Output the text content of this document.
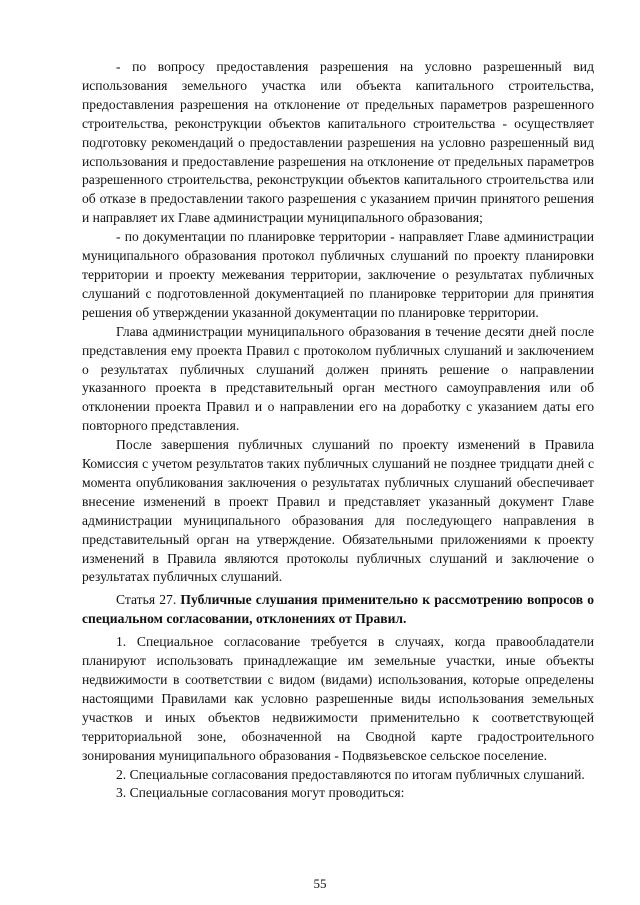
- по вопросу предоставления разрешения на условно разрешенный вид использования земельного участка или объекта капитального строительства, предоставления разрешения на отклонение от предельных параметров разрешенного строительства, реконструкции объектов капитального строительства - осуществляет подготовку рекомендаций о предоставлении разрешения на условно разрешенный вид использования и предоставление разрешения на отклонение от предельных параметров разрешенного строительства, реконструкции объектов капитального строительства или об отказе в предоставлении такого разрешения с указанием причин принятого решения и направляет их Главе администрации муниципального образования;

- по документации по планировке территории - направляет Главе администрации муниципального образования протокол публичных слушаний по проекту планировки территории и проекту межевания территории, заключение о результатах публичных слушаний с подготовленной документацией по планировке территории для принятия решения об утверждении указанной документации по планировке территории.

Глава администрации муниципального образования в течение десяти дней после представления ему проекта Правил с протоколом публичных слушаний и заключением о результатах публичных слушаний должен принять решение о направлении указанного проекта в представительный орган местного самоуправления или об отклонении проекта Правил и о направлении его на доработку с указанием даты его повторного представления.

После завершения публичных слушаний по проекту изменений в Правила Комиссия с учетом результатов таких публичных слушаний не позднее тридцати дней с момента опубликования заключения о результатах публичных слушаний обеспечивает внесение изменений в проект Правил и представляет указанный документ Главе администрации муниципального образования для последующего направления в представительный орган на утверждение. Обязательными приложениями к проекту изменений в Правила являются протоколы публичных слушаний и заключение о результатах публичных слушаний.

Статья 27. Публичные слушания применительно к рассмотрению вопросов о специальном согласовании, отклонениях от Правил.

1. Специальное согласование требуется в случаях, когда правообладатели планируют использовать принадлежащие им земельные участки, иные объекты недвижимости в соответствии с видом (видами) использования, которые определены настоящими Правилами как условно разрешенные виды использования земельных участков и иных объектов недвижимости применительно к соответствующей территориальной зоне, обозначенной на Сводной карте градостроительного зонирования муниципального образования - Подвязьевское сельское поселение.

2. Специальные согласования предоставляются по итогам публичных слушаний.

3. Специальные согласования могут проводиться:

55
